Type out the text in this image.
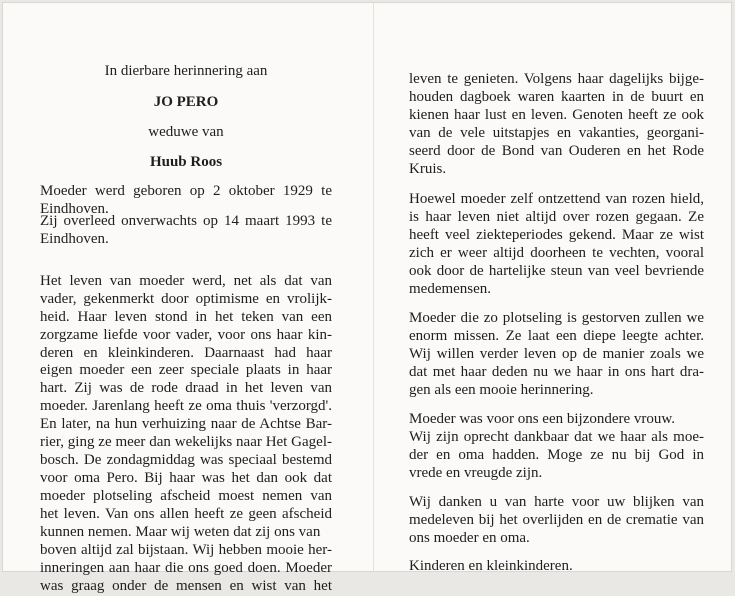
In dierbare herinnering aan
JO PERO
weduwe van
Huub Roos
Moeder werd geboren op 2 oktober 1929 te
Eindhoven.
Zij overleed onverwachts op 14 maart 1993 te
Eindhoven.
Het leven van moeder werd, net als dat van
vader, gekenmerkt door optimisme en vrolijk-
heid. Haar leven stond in het teken van een
zorgzame liefde voor vader, voor ons haar kin-
deren en kleinkinderen. Daarnaast had haar
eigen moeder een zeer speciale plaats in haar
hart. Zij was de rode draad in het leven van
moeder. Jarenlang heeft ze oma thuis 'verzorgd'.
En later, na hun verhuizing naar de Achtse Bar-
rier, ging ze meer dan wekelijks naar Het Gagel-
bosch. De zondagmiddag was speciaal bestemd
voor oma Pero. Bij haar was het dan ook dat
moeder plotseling afscheid moest nemen van
het leven. Van ons allen heeft ze geen afscheid
kunnen nemen. Maar wij weten dat zij ons van
boven altijd zal bijstaan. Wij hebben mooie her-
inneringen aan haar die ons goed doen. Moeder
was graag onder de mensen en wist van het
leven te genieten. Volgens haar dagelijks bijge-
houden dagboek waren kaarten in de buurt en
kienen haar lust en leven. Genoten heeft ze ook
van de vele uitstapjes en vakanties, georgani-
seerd door de Bond van Ouderen en het Rode
Kruis.
Hoewel moeder zelf ontzettend van rozen hield,
is haar leven niet altijd over rozen gegaan. Ze
heeft veel ziekteperiodes gekend. Maar ze wist
zich er weer altijd doorheen te vechten, vooral
ook door de hartelijke steun van veel bevriende
medemensen.
Moeder die zo plotseling is gestorven zullen we
enorm missen. Ze laat een diepe leegte achter.
Wij willen verder leven op de manier zoals we
dat met haar deden nu we haar in ons hart dra-
gen als een mooie herinnering.
Moeder was voor ons een bijzondere vrouw.
Wij zijn oprecht dankbaar dat we haar als moe-
der en oma hadden. Moge ze nu bij God in
vrede en vreugde zijn.
Wij danken u van harte voor uw blijken van
medeleven bij het overlijden en de crematie van
ons moeder en oma.
Kinderen en kleinkinderen.
